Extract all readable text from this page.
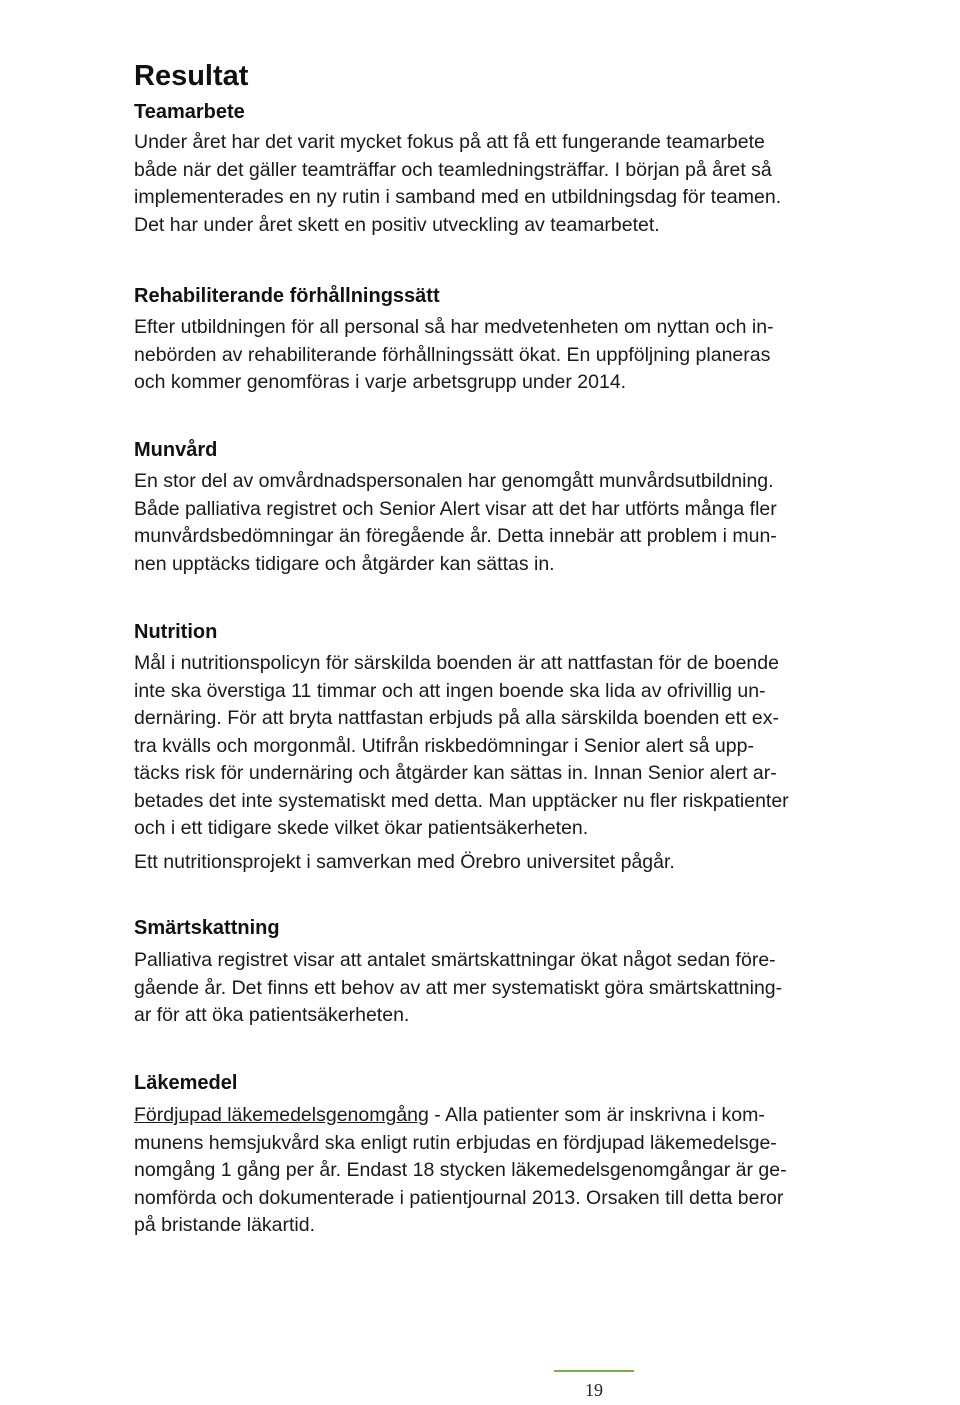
Resultat
Teamarbete

Under året har det varit mycket fokus på att få ett fungerande teamarbete
både när det gäller teamträffar och teamledningsträffar. I början på året så
implementerades en ny rutin i samband med en utbildningsdag för teamen.
Det har under året skett en positiv utveckling av teamarbetet.

Rehabiliterande förhållningssätt

Efter utbildningen för all personal så har medvetenheten om nyttan och in-
nebörden av rehabiliterande förhållningssätt ökat. En uppföljning planeras
och kommer genomföras i varje arbetsgrupp under 2014.

Munvård

En stor del av omvårdnadspersonalen har genomgått munvårdsutbildning.
Både palliativa registret och Senior Alert visar att det har utförts många fler
munvårdsbedömningar än föregående år. Detta innebär att problem i mun-
nen upptäcks tidigare och åtgärder kan sättas in.

Nutrition

Mål i nutritionspolicyn för särskilda boenden är att nattfastan för de boende
inte ska överstiga 11 timmar och att ingen boende ska lida av ofrivillig un-
dernäring. För att bryta nattfastan erbjuds på alla särskilda boenden ett ex-
tra kvälls och morgonmål. Utifrån riskbedömningar i Senior alert så upp-
täcks risk för undernäring och åtgärder kan sättas in. Innan Senior alert ar-
betades det inte systematiskt med detta. Man upptäcker nu fler riskpatienter
och i ett tidigare skede vilket ökar patientsäkerheten.

Ett nutritionsprojekt i samverkan med Örebro universitet pågår.

Smärtskattning

Palliativa registret visar att antalet smärtskattningar ökat något sedan före-
gående år. Det finns ett behov av att mer systematiskt göra smärtskattning-
ar för att öka patientsäkerheten.

Läkemedel

Fördjupad läkemedelsgenomgång - Alla patienter som är inskrivna i kom-
munens hemsjukvård ska enligt rutin erbjudas en fördjupad läkemedelsge-
nomgång 1 gång per år. Endast 18 stycken läkemedelsgenomgångar är ge-
nomförda och dokumenterade i patientjournal 2013. Orsaken till detta beror
på bristande läkartid.

19
